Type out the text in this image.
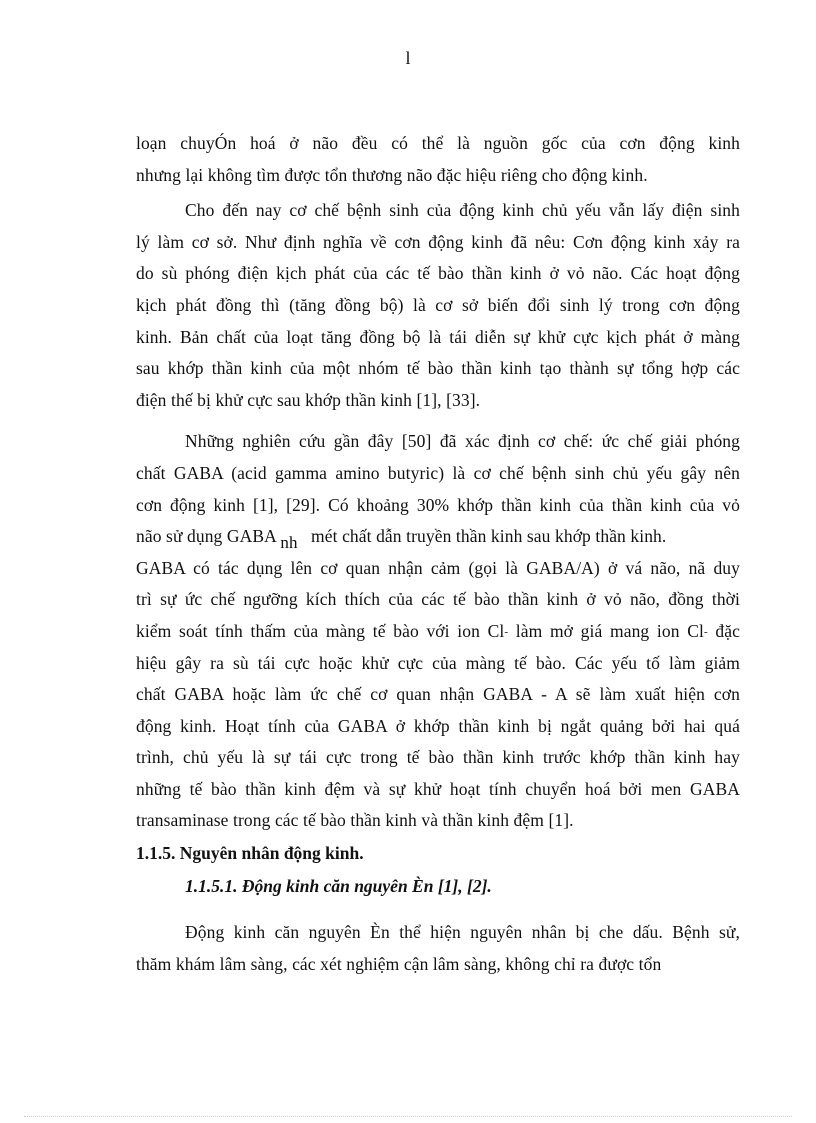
l
loạn chuyÓn hoá ở não đều có thể là nguồn gốc của cơn động kinh
nhưng lại không tìm được tổn thương não đặc hiệu riêng cho động kinh.
Cho đến nay cơ chế bệnh sinh của động kinh chủ yếu vẫn lấy điện sinh
lý làm cơ sở. Như định nghĩa về cơn động kinh đã nêu: Cơn động kinh xảy ra
do sù phóng điện kịch phát của các tế bào thần kinh ở vỏ não. Các hoạt động
kịch phát đồng thì (tăng đồng bộ) là cơ sở biến đổi sinh lý trong cơn động
kinh. Bản chất của loạt tăng đồng bộ là tái diễn sự khử cực kịch phát ở màng
sau khớp thần kinh của một nhóm tế bào thần kinh tạo thành sự tổng hợp các
điện thế bị khử cực sau khớp thần kinh [1], [33].
Những nghiên cứu gần đây [50] đã xác định cơ chế: ức chế giải phóng
chất GABA (acid gamma amino butyric) là cơ chế bệnh sinh chủ yếu gây nên
cơn động kinh [1], [29]. Có khoảng 30% khớp thần kinh của thần kinh của vỏ
não sử dụng GABA nh mét chất dẫn truyền thần kinh sau khớp thần kinh.
GABA có tác dụng lên cơ quan nhận cảm (gọi là GABA/A) ở vá não, nã duy
trì sự ức chế ngưỡng kích thích của các tế bào thần kinh ở vỏ não, đồng thời
kiểm soát tính thấm của màng tế bào với ion Cl- làm mở giá mang ion Cl- đặc
hiệu gây ra sù tái cực hoặc khử cực của màng tế bào. Các yếu tố làm giảm
chất GABA hoặc làm ức chế cơ quan nhận GABA - A sẽ làm xuất hiện cơn
động kinh. Hoạt tính của GABA ở khớp thần kinh bị ngắt quảng bởi hai quá
trình, chủ yếu là sự tái cực trong tế bào thần kinh trước khớp thần kinh hay
những tế bào thần kinh đệm và sự khử hoạt tính chuyển hoá bởi men GABA
transaminase trong các tế bào thần kinh và thần kinh đệm [1].
1.1.5. Nguyên nhân động kinh.
1.1.5.1. Động kinh căn nguyên Èn [1], [2].
Động kinh căn nguyên Èn thể hiện nguyên nhân bị che dấu. Bệnh sử,
thăm khám lâm sàng, các xét nghiệm cận lâm sàng, không chỉ ra được tổn
